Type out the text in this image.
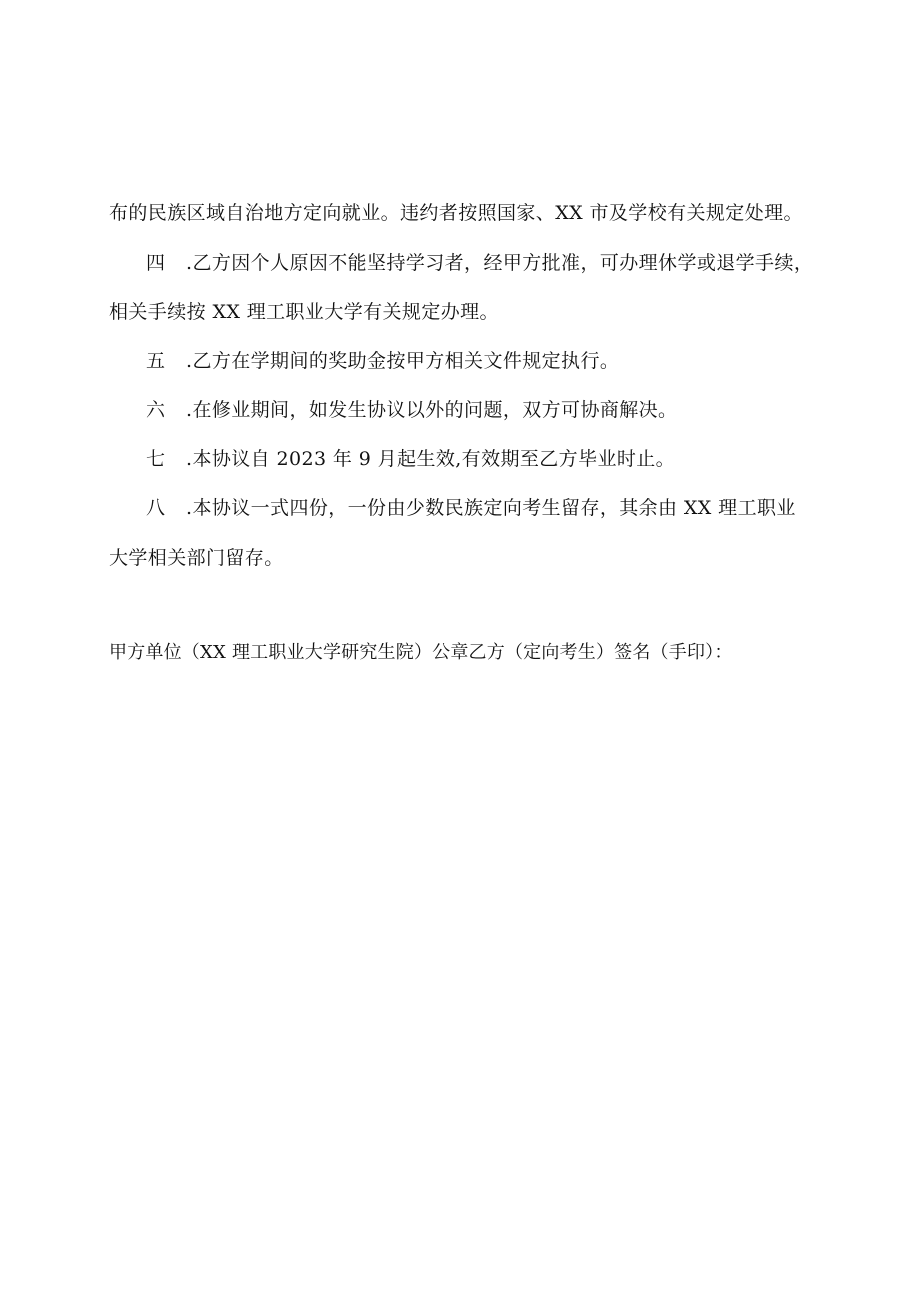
布的民族区域自治地方定向就业。违约者按照国家、XX 市及学校有关规定处理。
四 .乙方因个人原因不能坚持学习者，经甲方批准，可办理休学或退学手续，
相关手续按 XX 理工职业大学有关规定办理。
五 .乙方在学期间的奖助金按甲方相关文件规定执行。
六 .在修业期间，如发生协议以外的问题，双方可协商解决。
七 .本协议自 2023 年 9 月起生效,有效期至乙方毕业时止。
八 .本协议一式四份，一份由少数民族定向考生留存，其余由 XX 理工职业
大学相关部门留存。
甲方单位（XX 理工职业大学研究生院）公章乙方（定向考生）签名（手印）：
